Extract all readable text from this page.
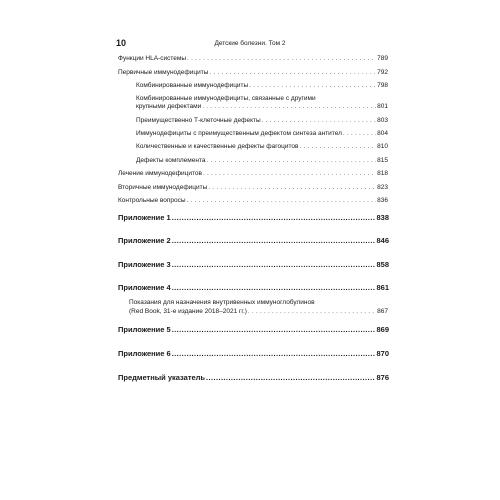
10	Детские болезни. Том 2
Функции HLA-системы . . .	789
Первичные иммунодефициты . . .	792
Комбинированные иммунодефициты . . .	798
Комбинированные иммунодефициты, связанные с другими
крупными дефектами . . .	801
Преимущественно Т-клеточные дефекты . . .	803
Иммунодефициты с преимущественным дефектом синтеза антител . . .	804
Количественные и качественные дефекты фагоцитов . . .	810
Дефекты комплемента . . .	815
Лечение иммунодефицитов . . .	818
Вторичные иммунодефициты . . .	823
Контрольные вопросы . . .	836
Приложение 1 .....	838
Приложение 2 .....	846
Приложение 3 .....	858
Приложение 4 .....	861
Показания для назначения внутривенных иммуноглобулинов
(Red Book, 31-е издание 2018–2021 гг.) . . .	867
Приложение 5 .....	869
Приложение 6 .....	870
Предметный указатель .....	876
